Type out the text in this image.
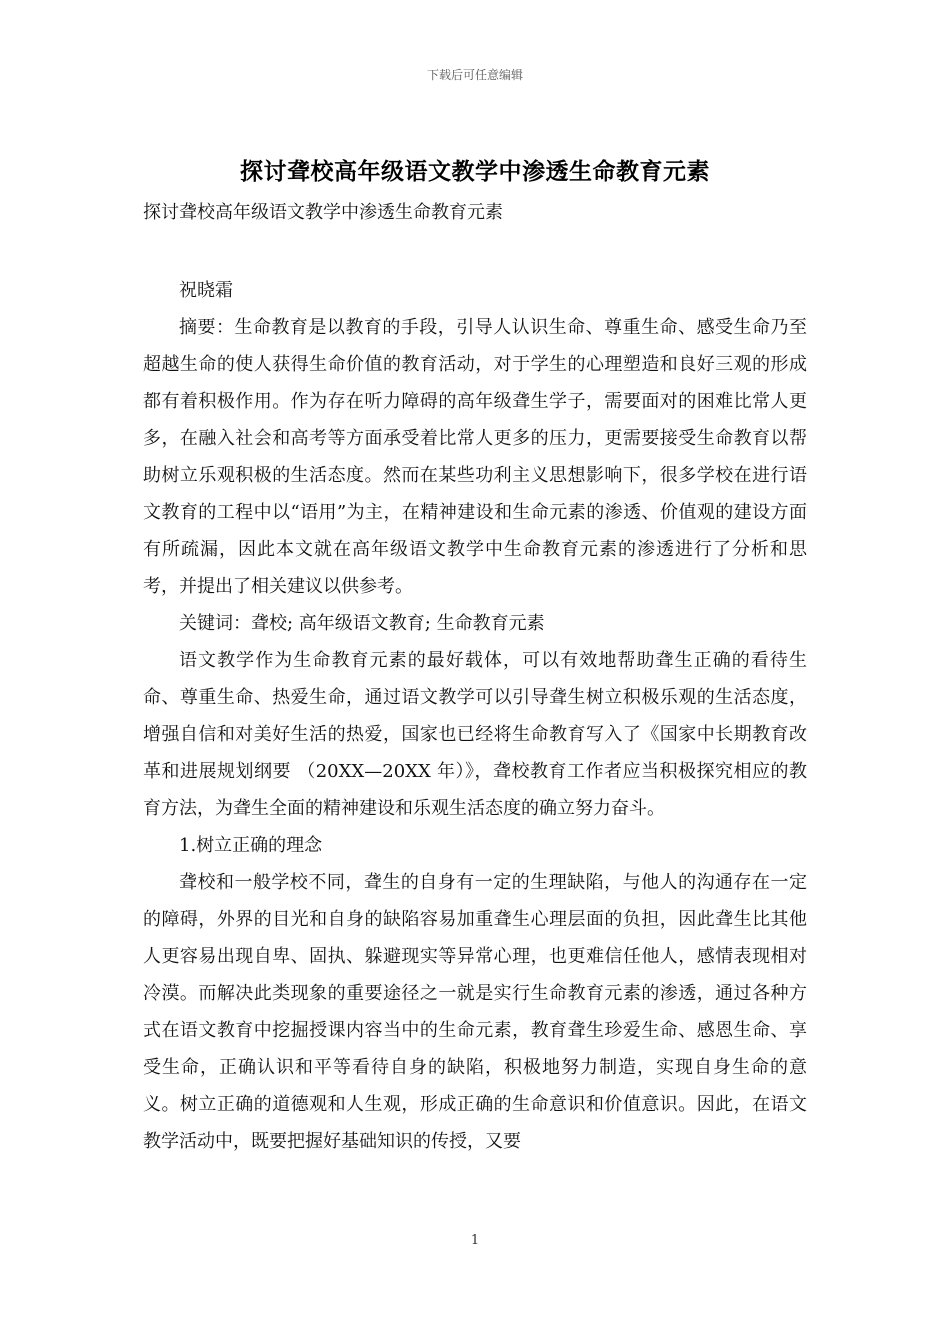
下载后可任意编辑
探讨聋校高年级语文教学中渗透生命教育元素
探讨聋校高年级语文教学中渗透生命教育元素

祝晓霜

摘要：生命教育是以教育的手段，引导人认识生命、尊重生命、感受生命乃至超越生命的使人获得生命价值的教育活动，对于学生的心理塑造和良好三观的形成都有着积极作用。作为存在听力障碍的高年级聋生学子，需要面对的困难比常人更多，在融入社会和高考等方面承受着比常人更多的压力，更需要接受生命教育以帮助树立乐观积极的生活态度。然而在某些功利主义思想影响下，很多学校在进行语文教育的工程中以“语用”为主，在精神建设和生命元素的渗透、价值观的建设方面有所疏漏，因此本文就在高年级语文教学中生命教育元素的渗透进行了分析和思考，并提出了相关建议以供参考。

关键词：聋校; 高年级语文教育; 生命教育元素

语文教学作为生命教育元素的最好载体，可以有效地帮助聋生正确的看待生命、尊重生命、热爱生命，通过语文教学可以引导聋生树立积极乐观的生活态度，增强自信和对美好生活的热爱，国家也已经将生命教育写入了《国家中长期教育改革和进展规划纲要 （20XX—20XX 年）》，聋校教育工作者应当积极探究相应的教育方法，为聋生全面的精神建设和乐观生活态度的确立努力奋斗。

1.树立正确的理念

聋校和一般学校不同，聋生的自身有一定的生理缺陷，与他人的沟通存在一定的障碍，外界的目光和自身的缺陷容易加重聋生心理层面的负担，因此聋生比其他人更容易出现自卑、固执、躲避现实等异常心理，也更难信任他人，感情表现相对冷漠。而解决此类现象的重要途径之一就是实行生命教育元素的渗透，通过各种方式在语文教育中挖掘授课内容当中的生命元素，教育聋生珍爱生命、感恩生命、享受生命，正确认识和平等看待自身的缺陷，积极地努力制造，实现自身生命的意义。树立正确的道德观和人生观，形成正确的生命意识和价值意识。因此，在语文教学活动中，既要把握好基础知识的传授，又要

1
